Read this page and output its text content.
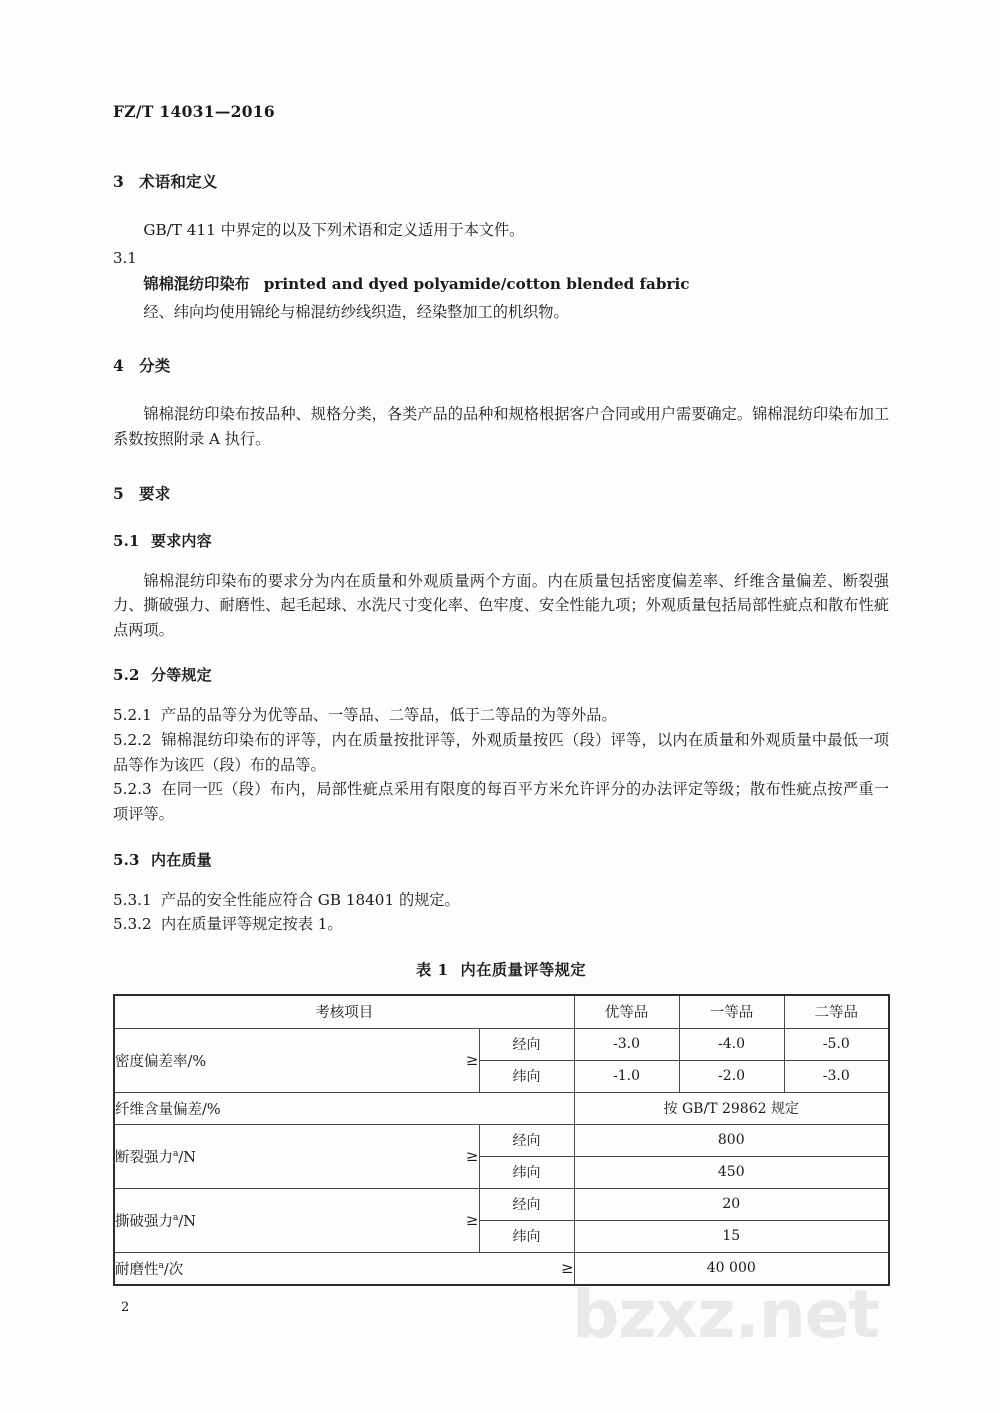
bzxz.net
FZ/T 14031—2016
3 术语和定义

GB/T 411 中界定的以及下列术语和定义适用于本文件。

3.1

锦棉混纺印染布 printed and dyed polyamide/cotton blended fabric

经、纬向均使用锦纶与棉混纺纱线织造，经染整加工的机织物。

4 分类

锦棉混纺印染布按品种、规格分类，各类产品的品种和规格根据客户合同或用户需要确定。锦棉混纺印染布加工系数按照附录 A 执行。

5 要求
5.1 要求内容

锦棉混纺印染布的要求分为内在质量和外观质量两个方面。内在质量包括密度偏差率、纤维含量偏差、断裂强力、撕破强力、耐磨性、起毛起球、水洗尺寸变化率、色牢度、安全性能九项；外观质量包括局部性疵点和散布性疵点两项。

5.2 分等规定

5.2.1 产品的品等分为优等品、一等品、二等品，低于二等品的为等外品。

5.2.2 锦棉混纺印染布的评等，内在质量按批评等，外观质量按匹（段）评等，以内在质量和外观质量中最低一项品等作为该匹（段）布的品等。

5.2.3 在同一匹（段）布内，局部性疵点采用有限度的每百平方米允许评分的办法评定等级；散布性疵点按严重一项评等。

5.3 内在质量

5.3.1 产品的安全性能应符合 GB 18401 的规定。

5.3.2 内在质量评等规定按表 1。

表 1 内在质量评等规定
考核项目			优等品	一等品	二等品
密度偏差率/%	≥	经向	-3.0	-4.0	-5.0
		纬向	-1.0	-2.0	-3.0
纤维含量偏差/%			按 GB/T 29862 规定		
断裂强力$^a$/N	≥	经向	800		
		纬向	450		
撕破强力$^a$/N	≥	经向	20		
		纬向	15		
耐磨性$^a$/次		≥	40 000		
2
